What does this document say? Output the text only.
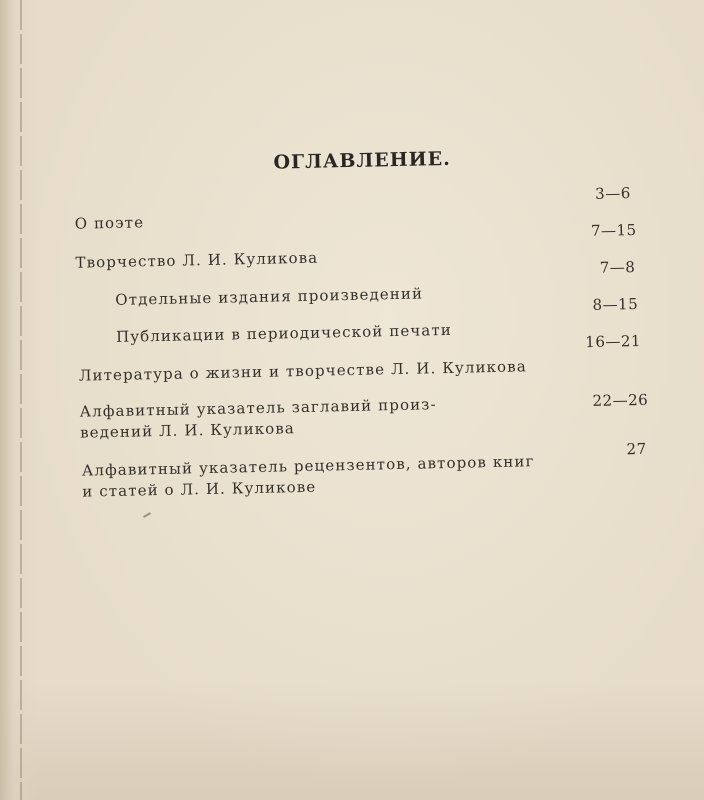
ОГЛАВЛЕНИЕ.
О поэте
3—6
Творчество Л. И. Куликова
7—15
Отдельные издания произведений
7—8
Публикации в периодической печати
8—15
Литература о жизни и творчестве Л. И. Куликова
16—21
Алфавитный указатель заглавий произ-
ведений Л. И. Куликова
22—26
Алфавитный указатель рецензентов, авторов книг
и статей о Л. И. Куликове
27
